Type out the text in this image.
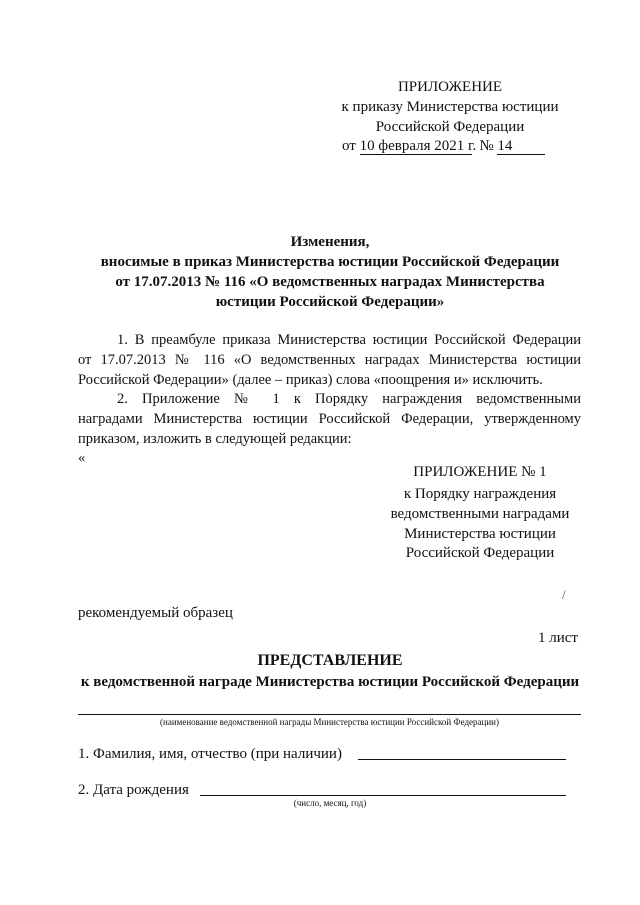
ПРИЛОЖЕНИЕ
к приказу Министерства юстиции
Российской Федерации
от 10 февраля 2021 г. № 14
Изменения,
вносимые в приказ Министерства юстиции Российской Федерации
от 17.07.2013 № 116 «О ведомственных наградах Министерства
юстиции Российской Федерации»
1. В преамбуле приказа Министерства юстиции Российской Федерации
от 17.07.2013 № 116 «О ведомственных наградах Министерства юстиции
Российской Федерации» (далее – приказ) слова «поощрения и» исключить.
2. Приложение № 1 к Порядку награждения ведомственными
наградами Министерства юстиции Российской Федерации, утвержденному
приказом, изложить в следующей редакции:
«
ПРИЛОЖЕНИЕ № 1
к Порядку награждения
ведомственными наградами
Министерства юстиции
Российской Федерации
/
рекомендуемый образец
1 лист
ПРЕДСТАВЛЕНИЕ
к ведомственной награде Министерства юстиции Российской Федерации
(наименование ведомственной награды Министерства юстиции Российской Федерации)
1. Фамилия, имя, отчество (при наличии)
2. Дата рождения
(число, месяц, год)
